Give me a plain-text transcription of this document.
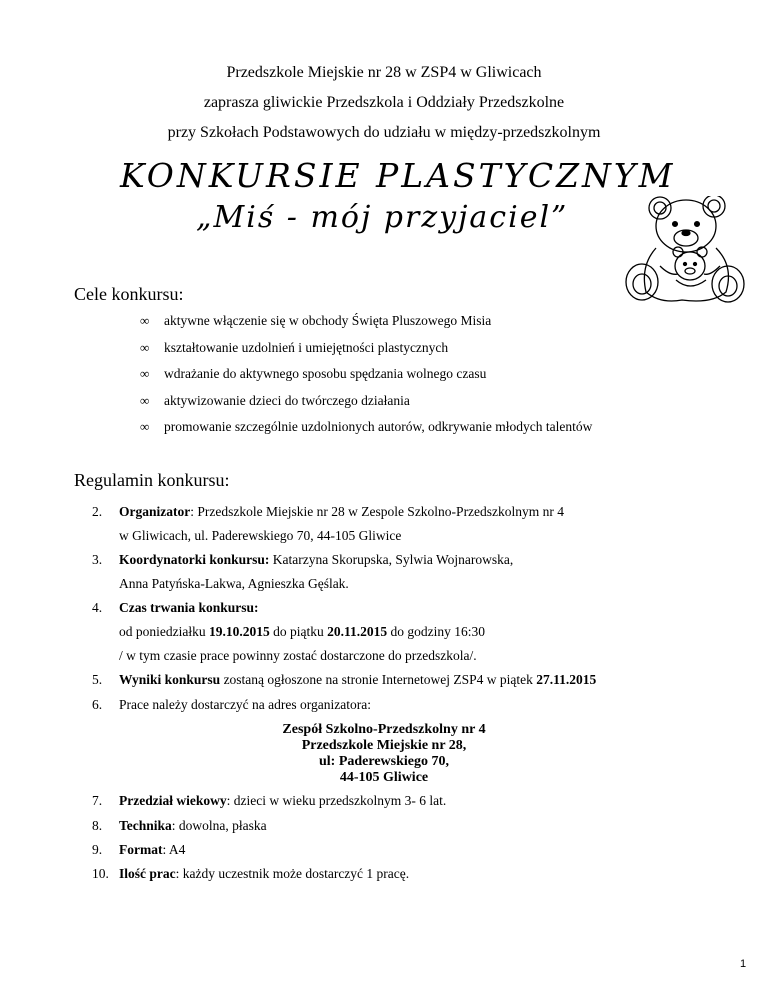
Przedszkole Miejskie nr 28 w ZSP4 w Gliwicach
zaprasza gliwickie Przedszkola i Oddziały Przedszkolne
przy Szkołach Podstawowych do udziału w między-przedszkolnym
KONKURSIE PLASTYCZNYM
„Miś - mój przyjaciel”
Cele konkursu:
∞ aktywne włączenie się w obchody Święta Pluszowego Misia
∞ kształtowanie uzdolnień i umiejętności plastycznych
∞ wdrażanie do aktywnego sposobu spędzania wolnego czasu
∞ aktywizowanie dzieci do twórczego działania
∞ promowanie szczególnie uzdolnionych autorów, odkrywanie młodych talentów
Regulamin konkursu:
2. Organizator: Przedszkole Miejskie nr 28 w Zespole Szkolno-Przedszkolnym nr 4
w Gliwicach, ul. Paderewskiego 70, 44-105 Gliwice
3. Koordynatorki konkursu: Katarzyna Skorupska, Sylwia Wojnarowska,
Anna Patyńska-Lakwa, Agnieszka Gęślak.
4. Czas trwania konkursu:
od poniedziałku 19.10.2015 do piątku 20.11.2015 do godziny 16:30
/ w tym czasie prace powinny zostać dostarczone do przedszkola/.
5. Wyniki konkursu zostaną ogłoszone na stronie Internetowej ZSP4 w piątek 27.11.2015
6. Prace należy dostarczyć na adres organizatora:
7. Przedział wiekowy: dzieci w wieku przedszkolnym 3- 6 lat.
8. Technika: dowolna, płaska
9. Format: A4
10. Ilość prac: każdy uczestnik może dostarczyć 1 pracę.
Zespół Szkolno-Przedszkolny nr 4
Przedszkole Miejskie nr 28,
ul: Paderewskiego 70,
44-105 Gliwice
1
